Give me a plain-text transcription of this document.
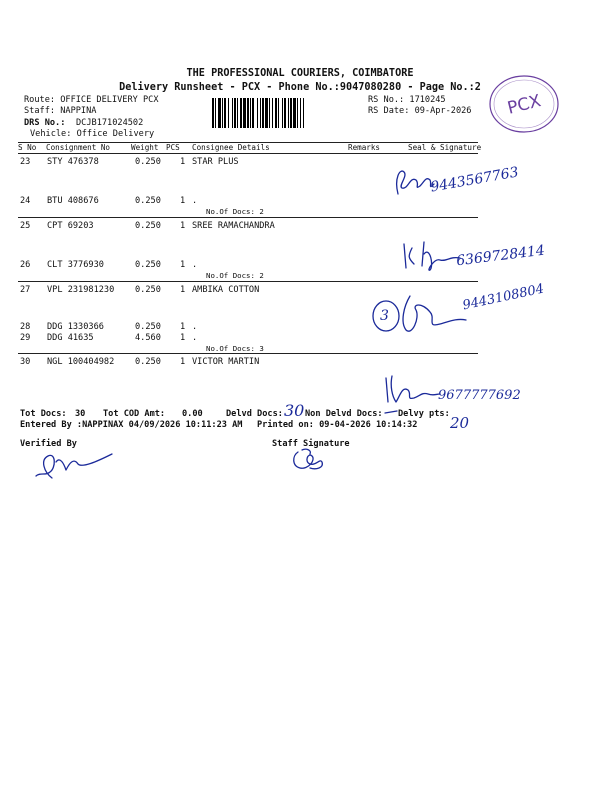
THE PROFESSIONAL COURIERS, COIMBATORE
Delivery Runsheet - PCX - Phone No.:9047080280 - Page No.:2
Route: OFFICE DELIVERY PCX
Staff: NAPPINA
DRS No.: DCJB171024502
Vehicle: Office Delivery
RS No.: 1710245
RS Date: 09-Apr-2026 PCX
S No Consignment No	Weight PCS Consignee Details	Remarks	Seal & Signature
23 STY 476378	0.250 1 STAR PLUS
24 BTU 408676	0.250 1 .
No.Of Docs: 2
25 CPT 69203	0.250 1 SREE RAMACHANDRA
26 CLT 3776930	0.250 1 .
No.Of Docs: 2
27 VPL 231981230 0.250 1 AMBIKA COTTON
28 DDG 1330366	0.250 1 .
29 DDG 41635	4.560 1 .
No.Of Docs: 3
30 NGL 100404982 0.250 1 VICTOR MARTIN
9443567763
6369728414
3
9443108804
9677777692
Tot Docs: 30 Tot COD Amt: 0.00	Delvd Docs: 30 Non Delvd Docs: Delvy pts: 20
Entered By :NAPPINAX 04/09/2026 10:11:23 AM Printed on: 09-04-2026 10:14:32
Verified By	Staff Signature
